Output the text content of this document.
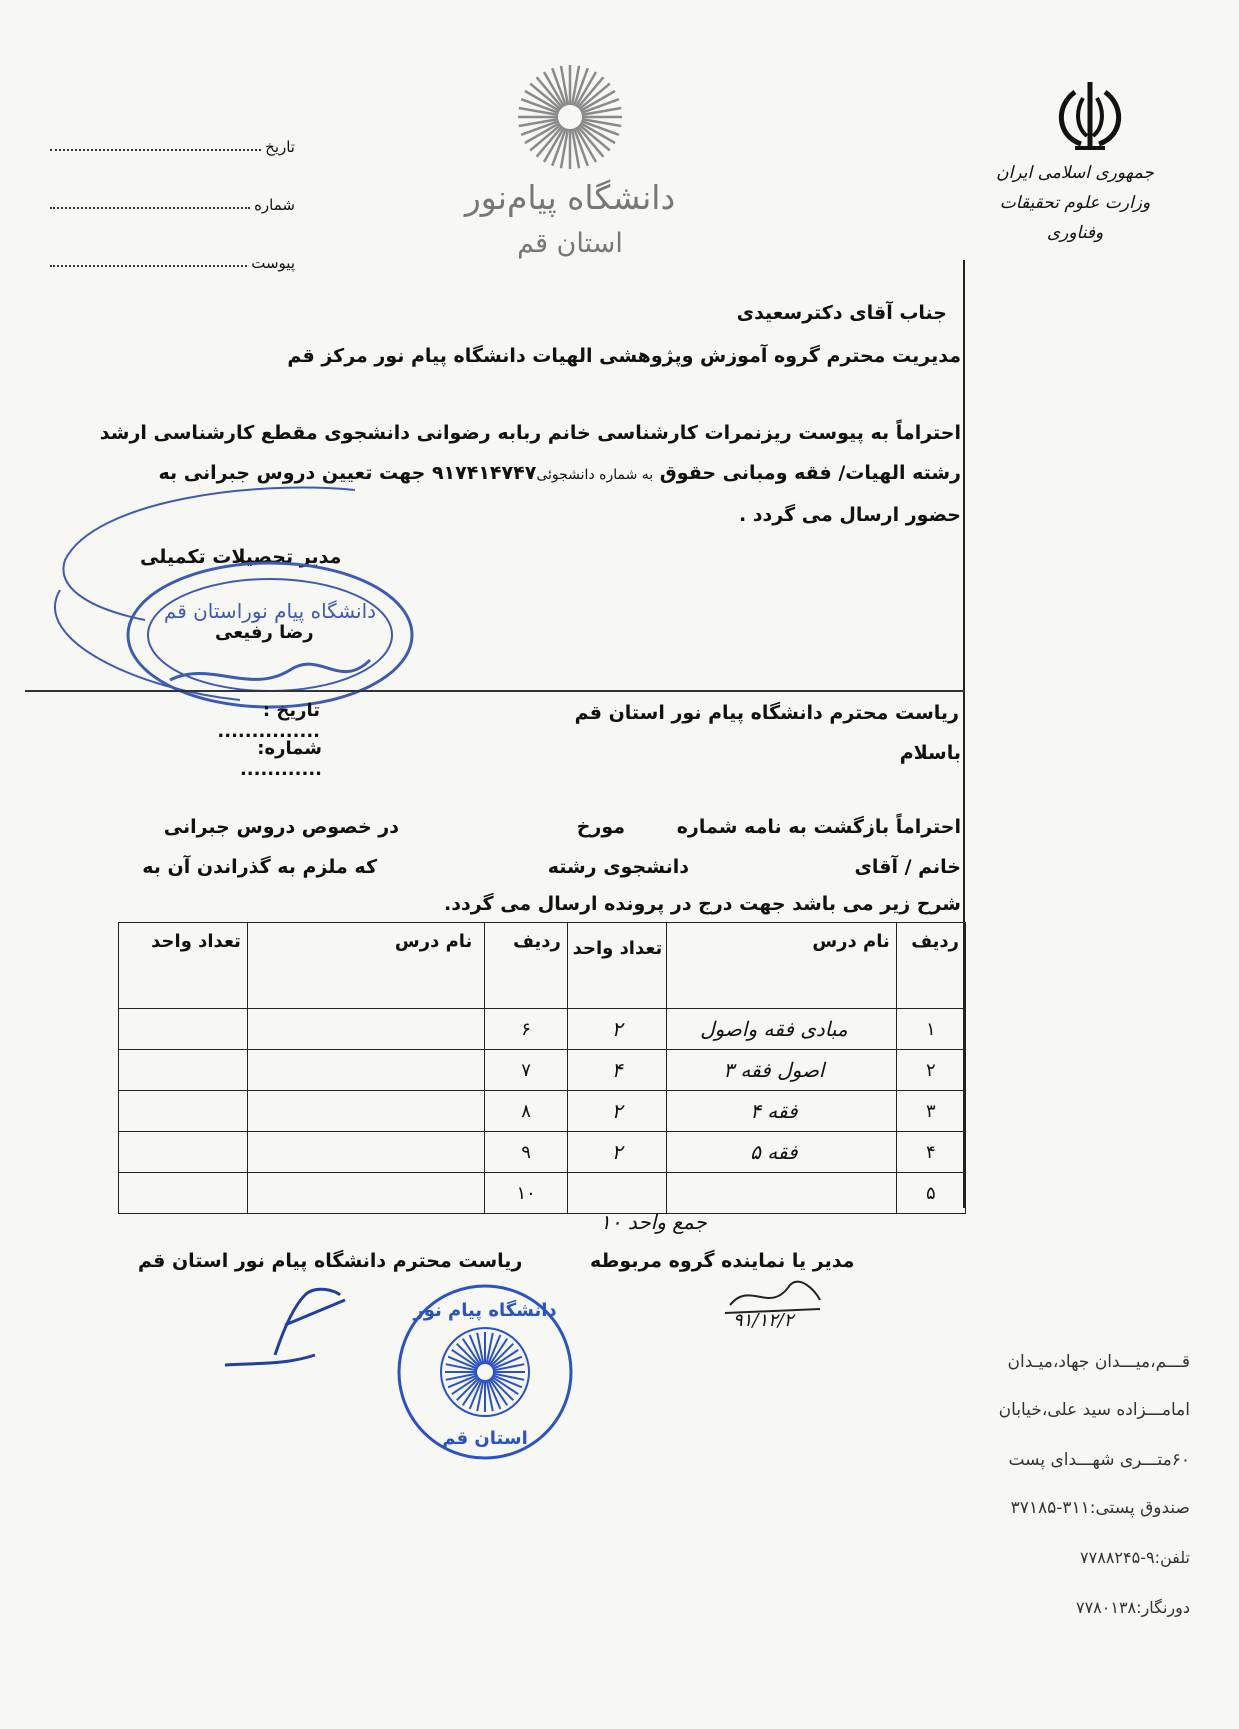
جمهوری اسلامی ایران
وزارت علوم تحقیقات وفناوری
دانشگاه پیام‌نور
استان قم
تاریخ
شماره
پیوست
جناب آقای دکترسعیدی
مدیریت محترم گروه آموزش وپژوهشی الهیات دانشگاه پیام نور مرکز قم
احتراماً به پیوست ریزنمرات کارشناسی خانم ربابه رضوانی دانشجوی مقطع کارشناسی ارشد
رشته الهیات/ فقه ومبانی حقوق به شماره دانشجوئی۹۱۷۴۱۴۷۴۷ جهت تعیین دروس جبرانی به
حضور ارسال می گردد .
مدیر تحصیلات تکمیلی
رضا رفیعی
دانشگاه پیام نوراستان قم
تاریخ : ...............
شماره: ............
ریاست محترم دانشگاه پیام نور استان قم
باسلام
احتراماً بازگشت به نامه شماره
مورخ
در خصوص دروس جبرانی
خانم / آقای
دانشجوی رشته
که ملزم به گذراندن آن به
شرح زیر می باشد جهت درج در پرونده ارسال می گردد.
ردیف	نام درس	تعداد واحد	ردیف	نام درس	تعداد واحد
۱	مبادی فقه واصول	۲	۶		
۲	اصول فقه ۳	۴	۷		
۳	فقه ۴	۲	۸		
۴	فقه ۵	۲	۹		
۵			۱۰		
جمع واحد ۱۰
مدیر یا نماینده گروه مربوطه
۹۱/۱۲/۲
ریاست محترم دانشگاه پیام نور استان قم
دانشگاه پیام نور
استان قم
قـــم،میـــدان جهاد،میـدان
امامـــزاده سید علی،خیابان
۶۰متـــری شهـــدای پست
صندوق پستی:۳۱۱-۳۷۱۸۵
تلفن:۹-۷۷۸۸۲۴۵
دورنگار:۷۷۸۰۱۳۸
